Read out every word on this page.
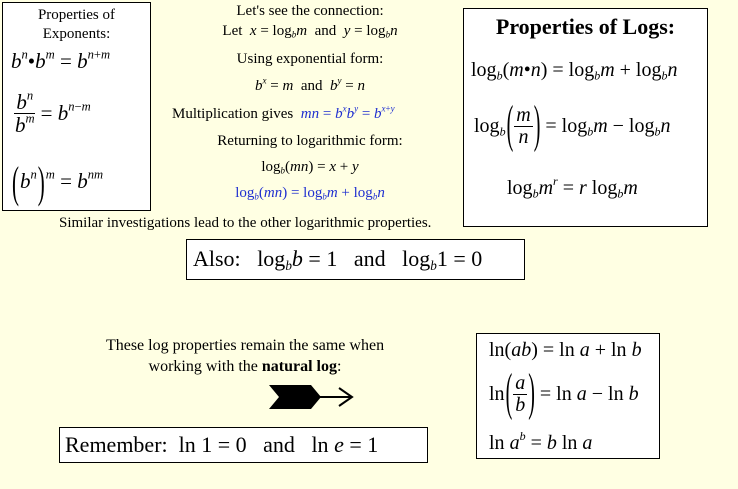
Properties of
Exponents:
$b^n•b^m = b^{n+m}$
$\frac{b^n}{b^m} = b^{n-m}$
$(b^n)^m = b^{nm}$
Let's see the connection:
Let $x = \log_bm$ and $y = \log_bn$
Using exponential form:
$b^x = m$ and $b^y = n$
Multiplication gives mn = $b^xb^y = b^{x+y}$
Returning to logarithmic form:
$\log_b(mn) = x + y$
$\log_b(mn) = \log_bm + \log_bn$
Properties of Logs:
$\log_b(m•n) = \log_bm + \log_bn$
$\log_b$ ( $\frac{m}{n}$ ) = $\log_bm - \log_bn$
$\log_bm^r = r$ $\log_bm$
Similar investigations lead to the other logarithmic properties.
Also:   $\log_bb = 1$   and   $\log_b1 = 0$
These log properties remain the same when
working with the natural log:
Remember:  ln 1 = 0   and   ln e = 1
ln(ab) = ln a + ln b
ln ( $\frac{a}{b}$ ) = ln a − ln b
$\ln a^b = b$ ln a
